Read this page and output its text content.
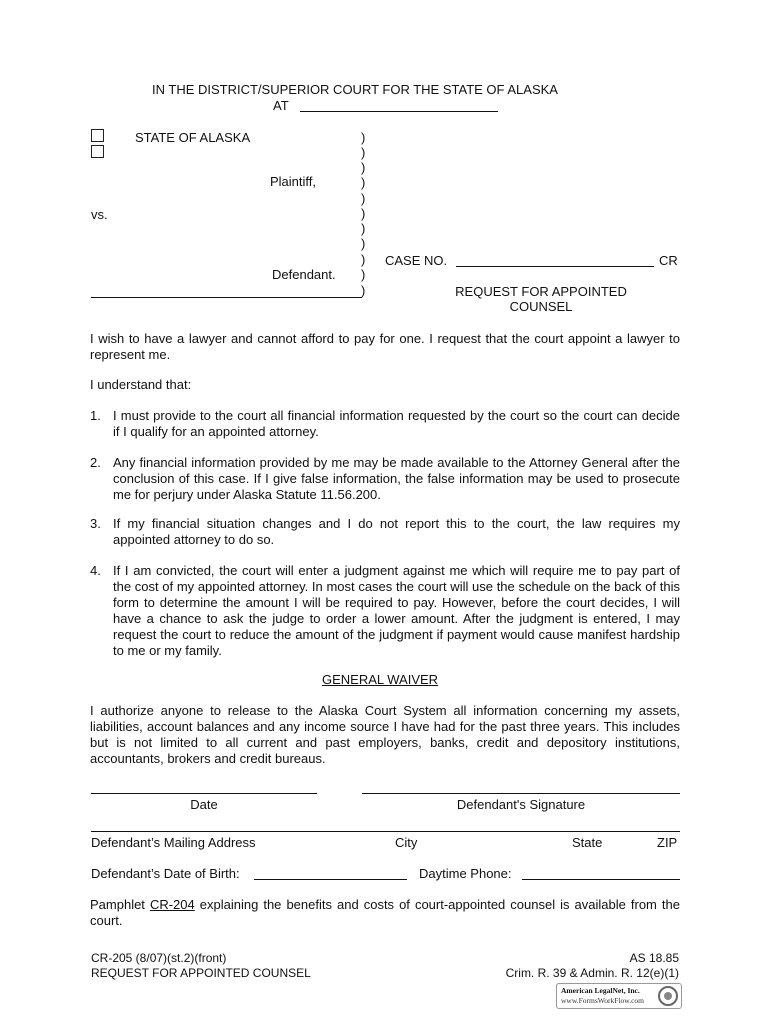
IN THE DISTRICT/SUPERIOR COURT FOR THE STATE OF ALASKA
AT
STATE OF ALASKA
Plaintiff,
vs.
Defendant.
)
)
)
)
)
)
)
)
)
)
)
CASE NO.	CR
REQUEST FOR APPOINTED
COUNSEL
I wish to have a lawyer and cannot afford to pay for one. I request that the court appoint a lawyer to represent me.
I understand that:
1. I must provide to the court all financial information requested by the court so the court can decide if I qualify for an appointed attorney.
2. Any financial information provided by me may be made available to the Attorney General after the conclusion of this case. If I give false information, the false information may be used to prosecute me for perjury under Alaska Statute 11.56.200.
3. If my financial situation changes and I do not report this to the court, the law requires my appointed attorney to do so.
4. If I am convicted, the court will enter a judgment against me which will require me to pay part of the cost of my appointed attorney. In most cases the court will use the schedule on the back of this form to determine the amount I will be required to pay. However, before the court decides, I will have a chance to ask the judge to order a lower amount. After the judgment is entered, I may request the court to reduce the amount of the judgment if payment would cause manifest hardship to me or my family.
GENERAL WAIVER
I authorize anyone to release to the Alaska Court System all information concerning my assets, liabilities, account balances and any income source I have had for the past three years. This includes but is not limited to all current and past employers, banks, credit and depository institutions, accountants, brokers and credit bureaus.
Date	Defendant's Signature
Defendant’s Mailing Address	City	State	ZIP
Defendant’s Date of Birth:	Daytime Phone:
Pamphlet CR-204 explaining the benefits and costs of court-appointed counsel is available from the court.
CR-205 (8/07)(st.2)(front)
REQUEST FOR APPOINTED COUNSEL
AS 18.85
Crim. R. 39 & Admin. R. 12(e)(1)
American LegalNet, Inc.
www.FormsWorkFlow.com
